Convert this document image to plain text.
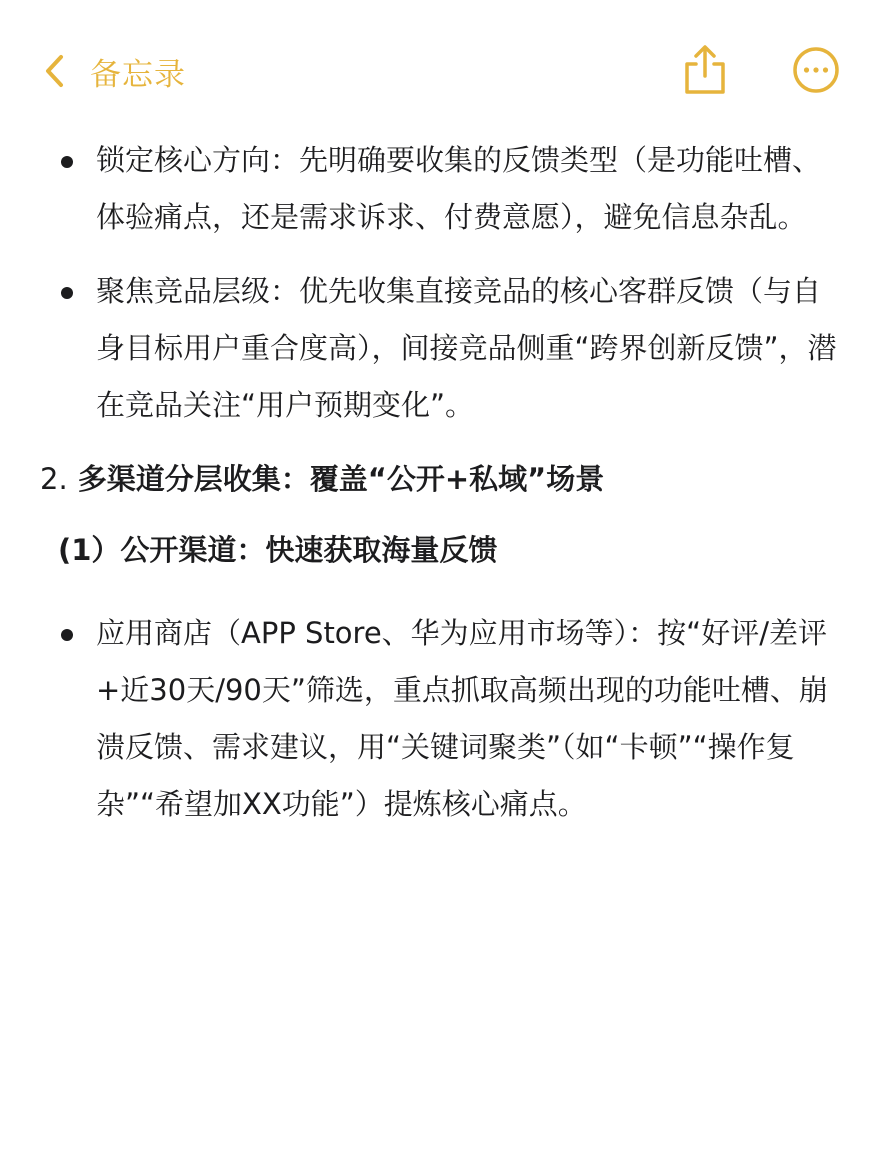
备忘录
锁定核心方向：先明确要收集的反馈类型（是功能吐槽、体验痛点，还是需求诉求、付费意愿），避免信息杂乱。
聚焦竞品层级：优先收集直接竞品的核心客群反馈（与自身目标用户重合度高），间接竞品侧重“跨界创新反馈”，潜在竞品关注“用户预期变化”。
2. 多渠道分层收集：覆盖“公开+私域”场景
(1）公开渠道：快速获取海量反馈
应用商店（APP Store、华为应用市场等）：按“好评/差评+近30天/90天”筛选，重点抓取高频出现的功能吐槽、崩溃反馈、需求建议，用“关键词聚类”（如“卡顿”“操作复杂”“希望加XX功能”）提炼核心痛点。
